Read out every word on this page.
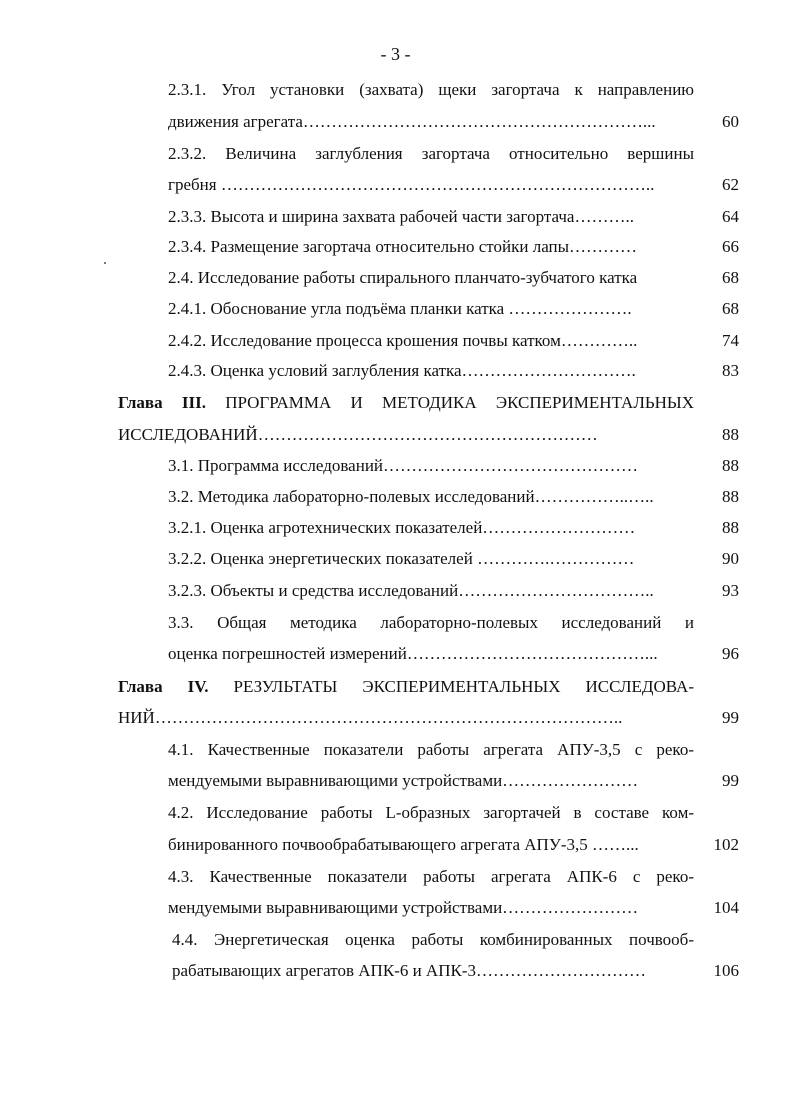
- 3 -
2.3.1. Угол установки (захвата) щеки загортача к направлению
движения агрегата……………………………………………………...	60
2.3.2. Величина заглубления загортача относительно вершины
гребня …………………………………………………………………..	62
2.3.3. Высота и ширина захвата рабочей части загортача………..	64
2.3.4. Размещение загортача относительно стойки лапы…………	66
2.4. Исследование работы спирального планчато-зубчатого катка	68
2.4.1. Обоснование угла подъёма планки катка ………………….	68
2.4.2. Исследование процесса крошения почвы катком…………..	74
2.4.3. Оценка условий заглубления катка………………………….	83
Глава III. ПРОГРАММА И МЕТОДИКА ЭКСПЕРИМЕНТАЛЬНЫХ
ИССЛЕДОВАНИЙ……………………………………………………	88
3.1. Программа исследований………………………………………	88
3.2. Методика лабораторно-полевых исследований……………..…..	88
3.2.1. Оценка агротехнических показателей………………………	88
3.2.2. Оценка энергетических показателей ………….……………	90
3.2.3. Объекты и средства исследований……………………………..	93
3.3. Общая методика лабораторно-полевых исследований и
оценка погрешностей измерений……………………………………...	96
Глава IV. РЕЗУЛЬТАТЫ ЭКСПЕРИМЕНТАЛЬНЫХ ИССЛЕДОВА-
НИЙ………………………………………………………………………..	99
4.1. Качественные показатели работы агрегата АПУ-3,5 с реко-
мендуемыми выравнивающими устройствами……………………	99
4.2. Исследование работы L-образных загортачей в составе ком-
бинированного почвообрабатывающего агрегата АПУ-3,5 ……...	102
4.3. Качественные показатели работы агрегата АПК-6 с реко-
мендуемыми выравнивающими устройствами……………………	104
4.4. Энергетическая оценка работы комбинированных почвооб-
рабатывающих агрегатов АПК-6 и АПК-3…………………………	106
